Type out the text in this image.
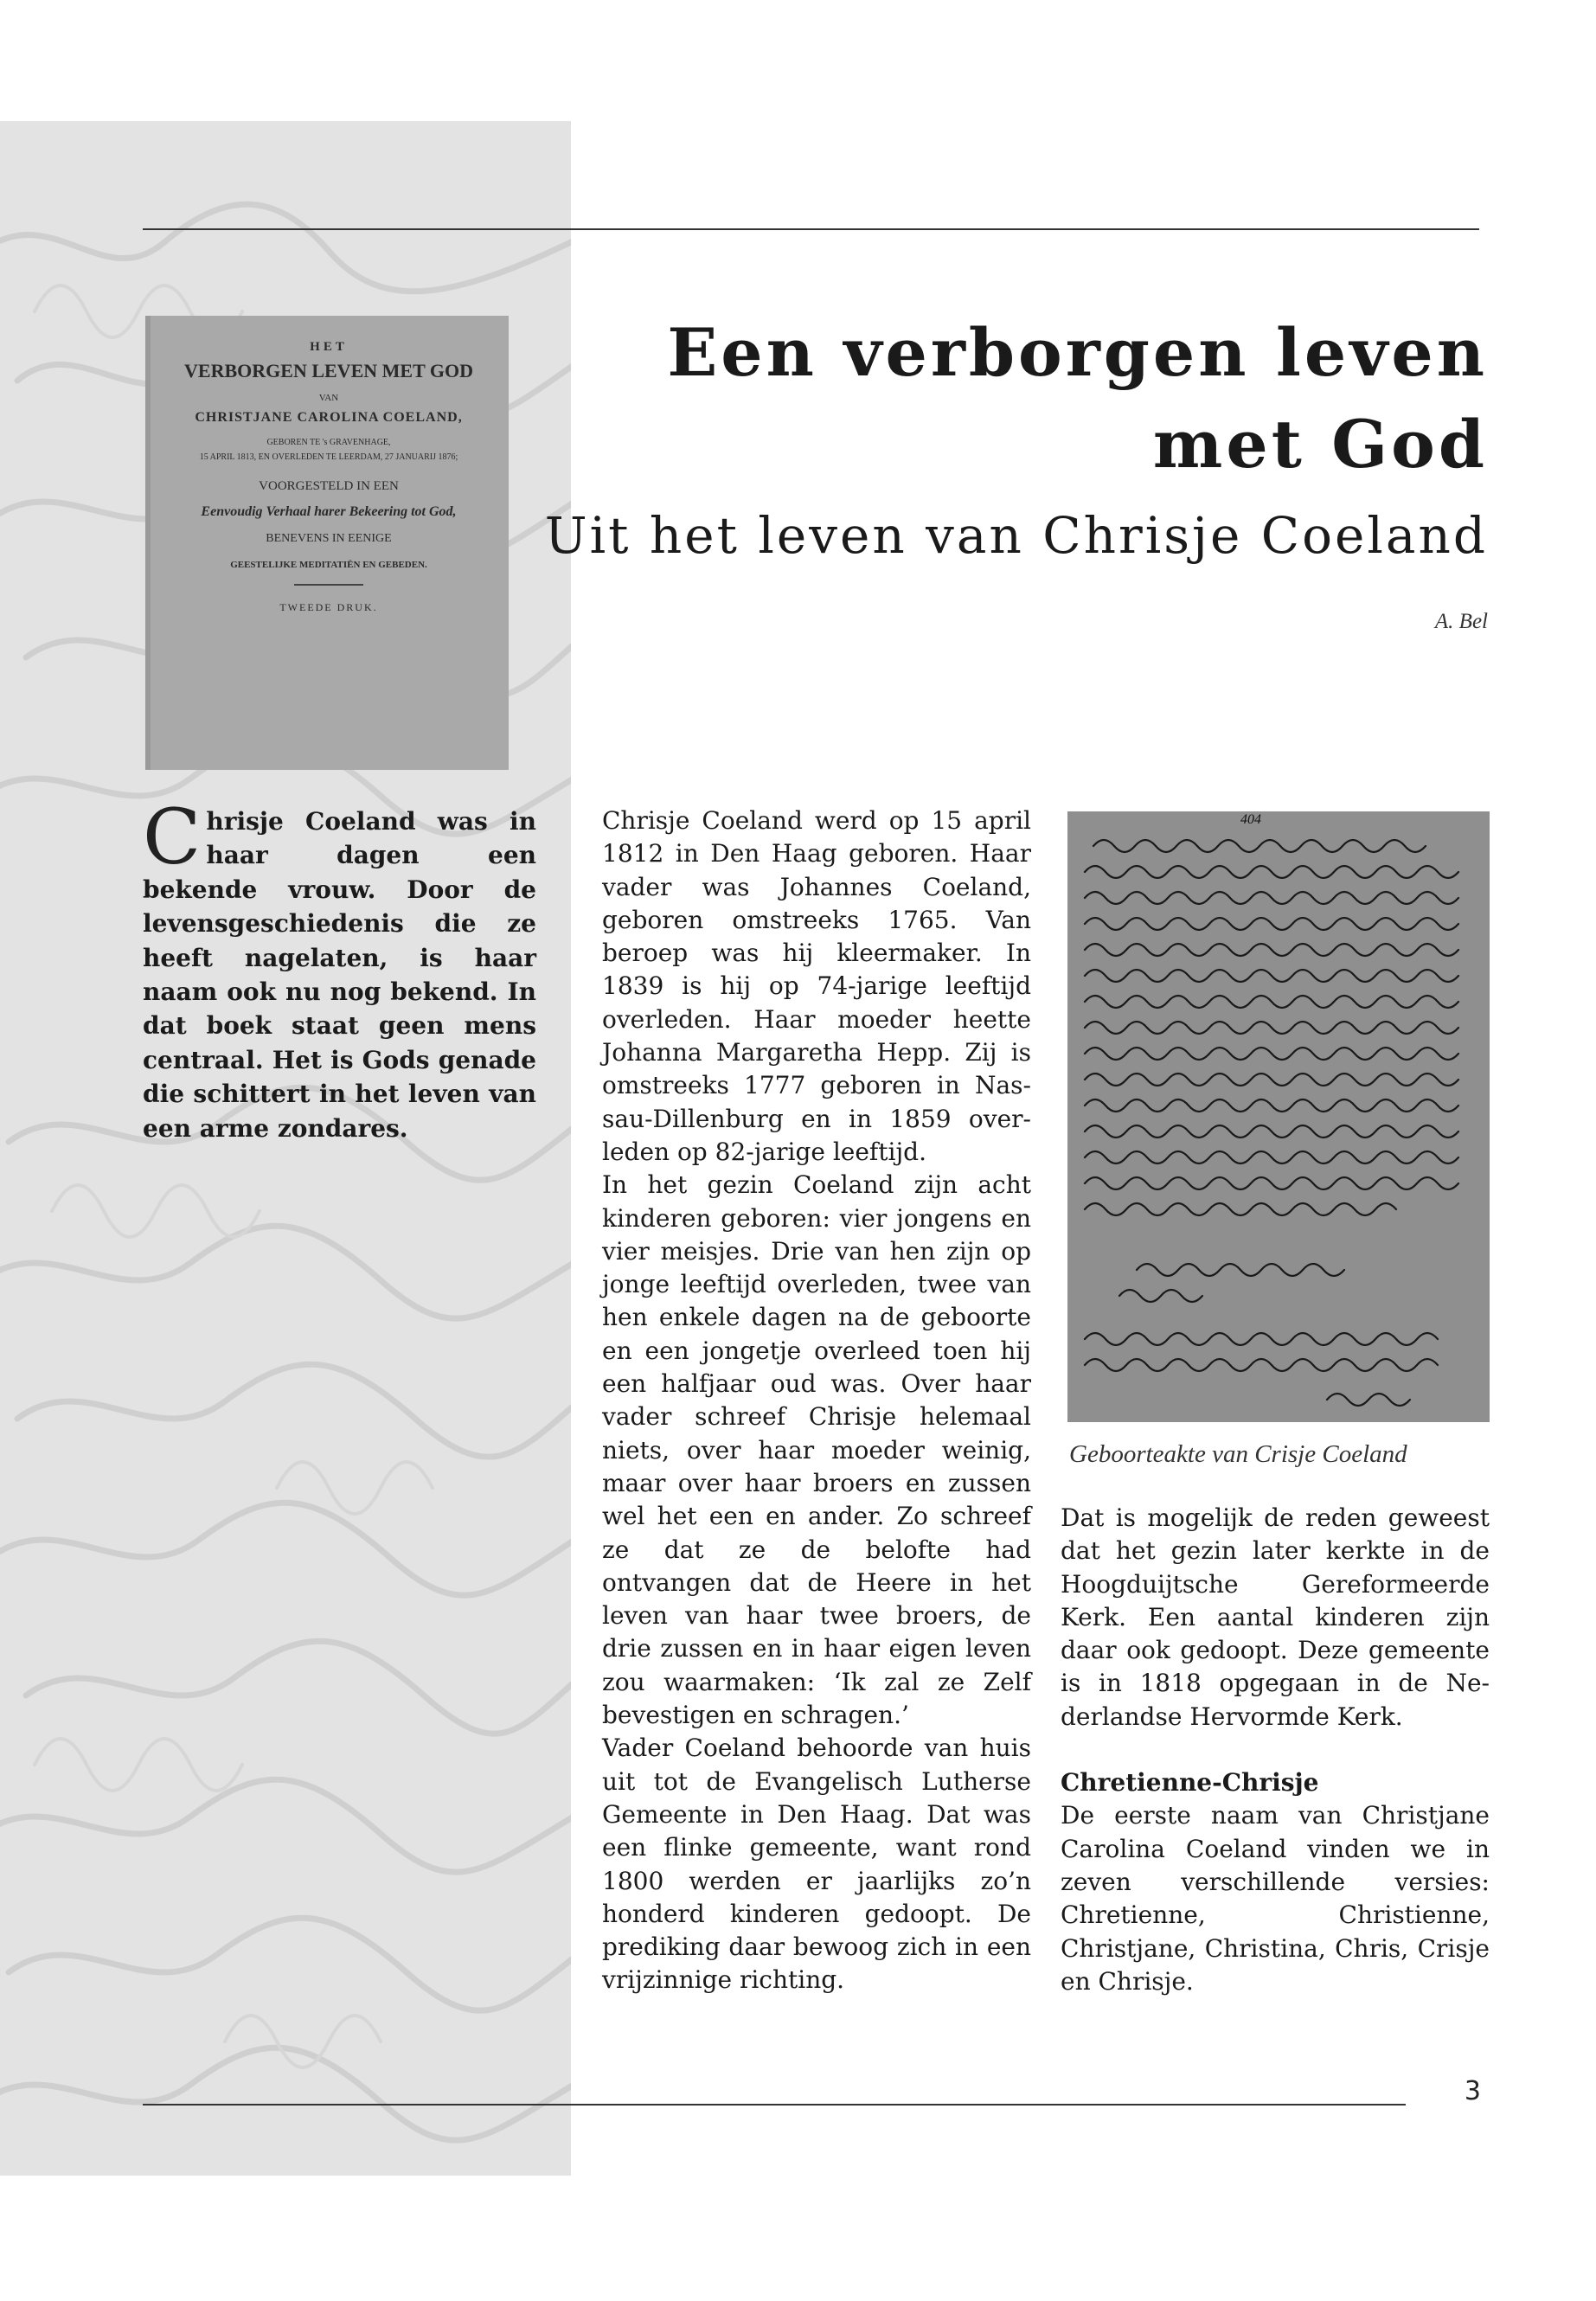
Een verborgen leven
met God
Uit het leven van Chrisje Coeland
A. Bel
HET
VERBORGEN LEVEN MET GOD
VAN
CHRISTJANE CAROLINA COELAND,
GEBOREN TE 's GRAVENHAGE,
15 APRIL 1813, EN OVERLEDEN TE LEERDAM, 27 JANUARIJ 1876;
VOORGESTELD IN EEN
Eenvoudig Verhaal harer Bekeering tot God,
BENEVENS IN EENIGE
GEESTELIJKE MEDITATIËN EN GEBEDEN.
TWEEDE DRUK.
Chrisje Coeland was in haar dagen een bekende vrouw. Door de levensgeschiedenis die ze heeft nagelaten, is haar naam ook nu nog bekend. In dat boek staat geen mens centraal. Het is Gods genade die schittert in het leven van een arme zondares.

Chrisje Coeland werd op 15 april 1812 in Den Haag geboren. Haar vader was Johannes Coeland, geboren omstreeks 1765. Van beroep was hij kleermaker. In 1839 is hij op 74-jarige leeftijd overleden. Haar moeder heette Johanna Margaretha Hepp. Zij is omstreeks 1777 geboren in Nassau-Dillenburg en in 1859 overleden op 82-jarige leeftijd.

In het gezin Coeland zijn acht kinderen geboren: vier jongens en vier meisjes. Drie van hen zijn op jonge leeftijd overleden, twee van hen enkele dagen na de geboorte en een jongetje overleed toen hij een halfjaar oud was. Over haar vader schreef Chrisje helemaal niets, over haar moeder weinig, maar over haar broers en zussen wel het een en ander. Zo schreef ze dat ze de belofte had ontvangen dat de Heere in het leven van haar twee broers, de drie zussen en in haar eigen leven zou waarmaken: ‘Ik zal ze Zelf bevestigen en schragen.’

Vader Coeland behoorde van huis uit tot de Evangelisch Lutherse Gemeente in Den Haag. Dat was een flinke gemeente, want rond 1800 werden er jaarlijks zo’n honderd kinderen gedoopt. De prediking daar bewoog zich in een vrijzinnige richting.

404
Geboorteakte van Crisje Coeland

Dat is mogelijk de reden geweest dat het gezin later kerkte in de Hoogduijtsche Gereformeerde Kerk. Een aantal kinderen zijn daar ook gedoopt. Deze gemeente is in 1818 opgegaan in de Nederlandse Hervormde Kerk.

Chretienne-Chrisje

De eerste naam van Christjane Carolina Coeland vinden we in zeven verschillende versies: Chretienne, Christienne, Christjane, Christina, Chris, Crisje en Chrisje.

3
